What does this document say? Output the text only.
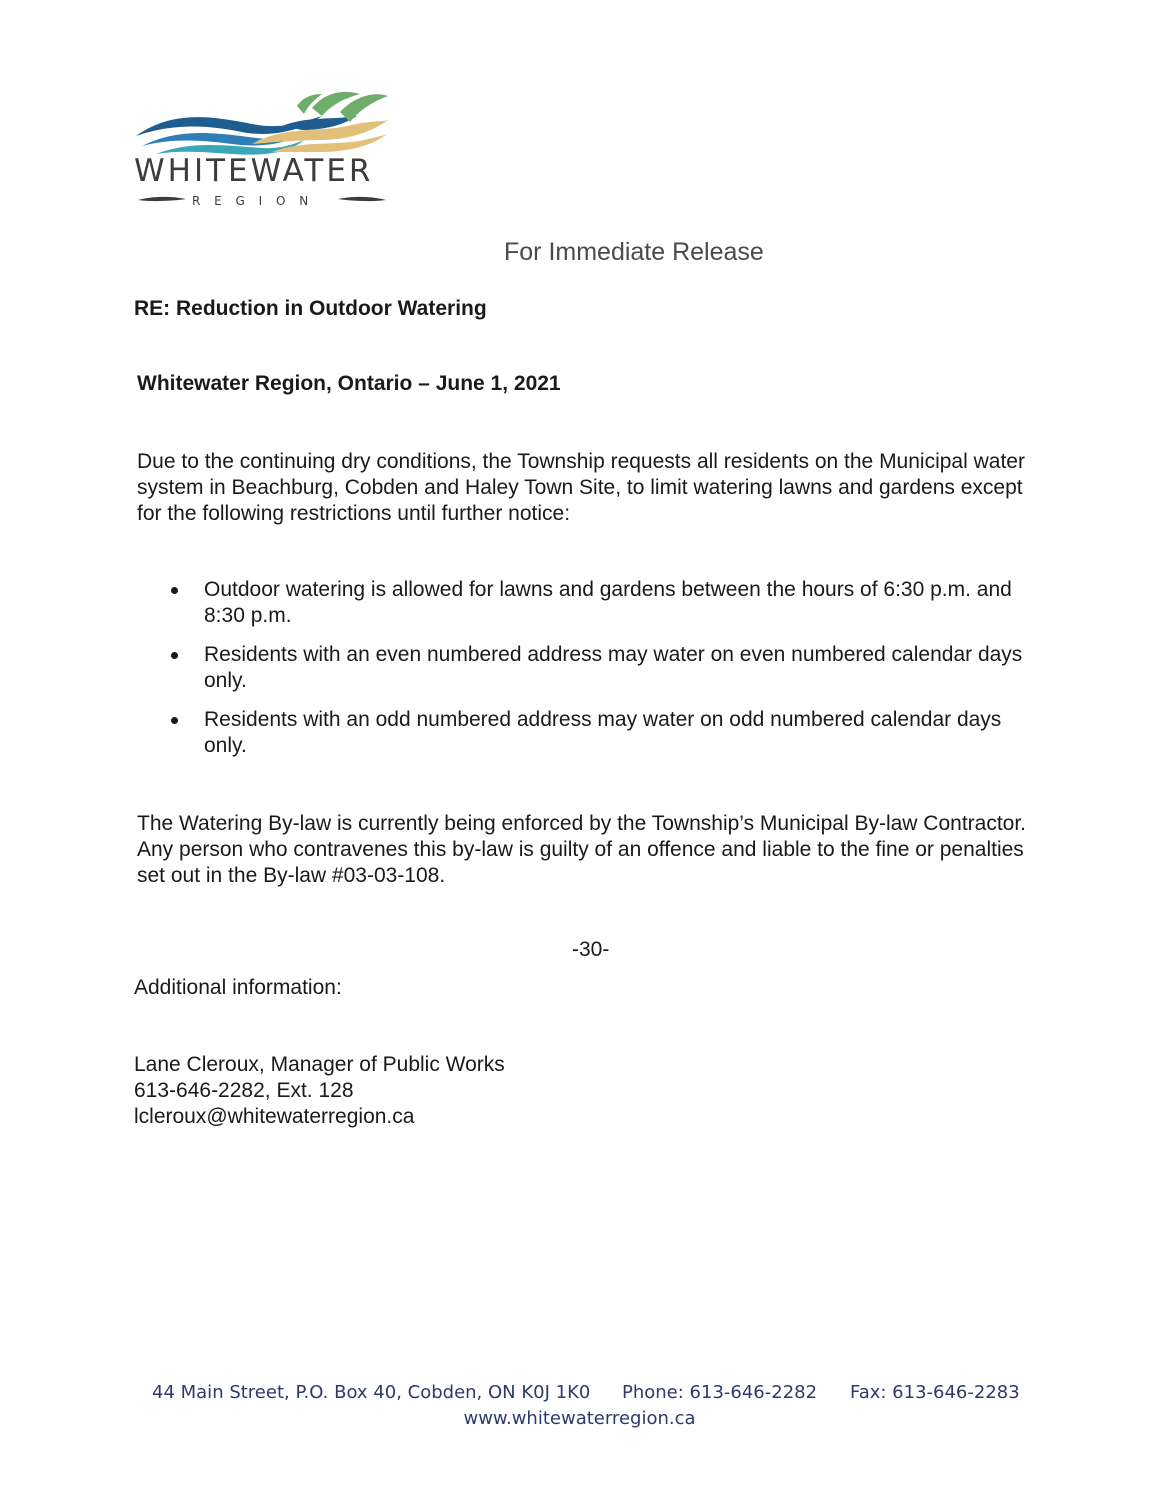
WHITEWATER
R E G I O N
For Immediate Release
RE: Reduction in Outdoor Watering
Whitewater Region, Ontario – June 1, 2021

Due to the continuing dry conditions, the Township requests all residents on the Municipal water system in Beachburg, Cobden and Haley Town Site, to limit watering lawns and gardens except for the following restrictions until further notice:

Outdoor watering is allowed for lawns and gardens between the hours of 6:30 p.m. and 8:30 p.m.
Residents with an even numbered address may water on even numbered calendar days only.
Residents with an odd numbered address may water on odd numbered calendar days only.

The Watering By-law is currently being enforced by the Township’s Municipal By-law Contractor. Any person who contravenes this by-law is guilty of an offence and liable to the fine or penalties set out in the By-law #03-03-108.

-30-
Additional information:
Lane Cleroux, Manager of Public Works
613-646-2282, Ext. 128
lcleroux@whitewaterregion.ca
44 Main Street, P.O. Box 40, Cobden, ON K0J 1K0 Phone: 613-646-2282 Fax: 613-646-2283
www.whitewaterregion.ca
